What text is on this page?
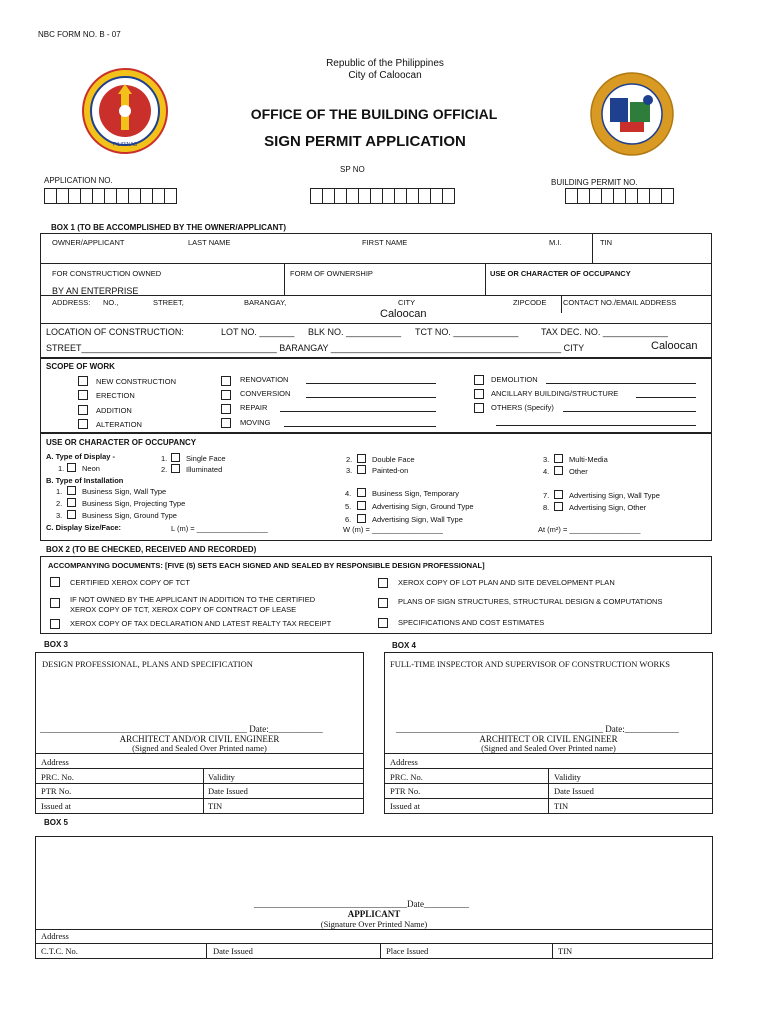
NBC FORM NO. B - 07
PILIPINAS
Republic of the Philippines
City of Caloocan
OFFICE OF THE BUILDING OFFICIAL
SIGN PERMIT APPLICATION
SP NO
APPLICATION NO.	BUILDING PERMIT NO.
BOX 1 (TO BE ACCOMPLISHED BY THE OWNER/APPLICANT)
OWNER/APPLICANT	LAST NAME	FIRST NAME	M.I.	TIN
FOR CONSTRUCTION OWNED	FORM OF OWNERSHIP	USE OR CHARACTER OF OCCUPANCY
BY AN ENTERPRISE
ADDRESS: NO.,	STREET,	BARANGAY,	CITY
Caloocan
ZIPCODE CONTACT NO./EMAIL ADDRESS
LOCATION OF CONSTRUCTION:	LOT NO. _______ BLK NO. ___________ TCT NO. _____________	TAX DEC. NO. _____________
STREET_______________________________________ BARANGAY ______________________________________________ CITY	Caloocan
SCOPE OF WORK
NEW CONSTRUCTION
ERECTION
ADDITION
ALTERATION
RENOVATION
CONVERSION
REPAIR
MOVING
DEMOLITION
ANCILLARY BUILDING/STRUCTURE
OTHERS (Specify)
USE OR CHARACTER OF OCCUPANCY
A. Type of Display -
1. Neon
1. Single Face
2. Illuminated
2.	Double Face
3.	Painted-on
3.	Multi-Media
4.	Other
B. Type of Installation
1.	Business Sign, Wall Type
2.	Business Sign, Projecting Type
3.	Business Sign, Ground Type
4.	Business Sign, Temporary
5.	Advertising Sign, Ground Type
6.	Advertising Sign, Wall Type
7.	Advertising Sign, Wall Type
8.	Advertising Sign, Other
C. Display Size/Face:	L (m) = _________________	W (m) = _________________	At (m²) = _________________
BOX 2 (TO BE CHECKED, RECEIVED AND RECORDED)
ACCOMPANYING DOCUMENTS: [FIVE (5) SETS EACH SIGNED AND SEALED BY RESPONSIBLE DESIGN PROFESSIONAL]
CERTIFIED XEROX COPY OF TCT
IF NOT OWNED BY THE APPLICANT IN ADDITION TO THE CERTIFIED
XEROX COPY OF TCT, XEROX COPY OF CONTRACT OF LEASE
XEROX COPY OF TAX DECLARATION AND LATEST REALTY TAX RECEIPT
XEROX COPY OF LOT PLAN AND SITE DEVELOPMENT PLAN
PLANS OF SIGN STRUCTURES, STRUCTURAL DESIGN & COMPUTATIONS
SPECIFICATIONS AND COST ESTIMATES
BOX 3
DESIGN PROFESSIONAL, PLANS AND SPECIFICATION
______________________________________________ Date:____________
ARCHITECT AND/OR CIVIL ENGINEER
(Signed and Sealed Over Printed name)
Address
PRC. No.	Validity
PTR No.	Date Issued
Issued at	TIN
BOX 4
FULL-TIME INSPECTOR AND SUPERVISOR OF CONSTRUCTION WORKS
______________________________________________ Date:____________
ARCHITECT OR CIVIL ENGINEER
(Signed and Sealed Over Printed name)
Address
PRC. No.	Validity
PTR No.	Date Issued
Issued at	TIN
BOX 5
__________________________________Date__________
APPLICANT
(Signature Over Printed Name)
Address
C.T.C. No.	Date Issued	Place Issued	TIN
